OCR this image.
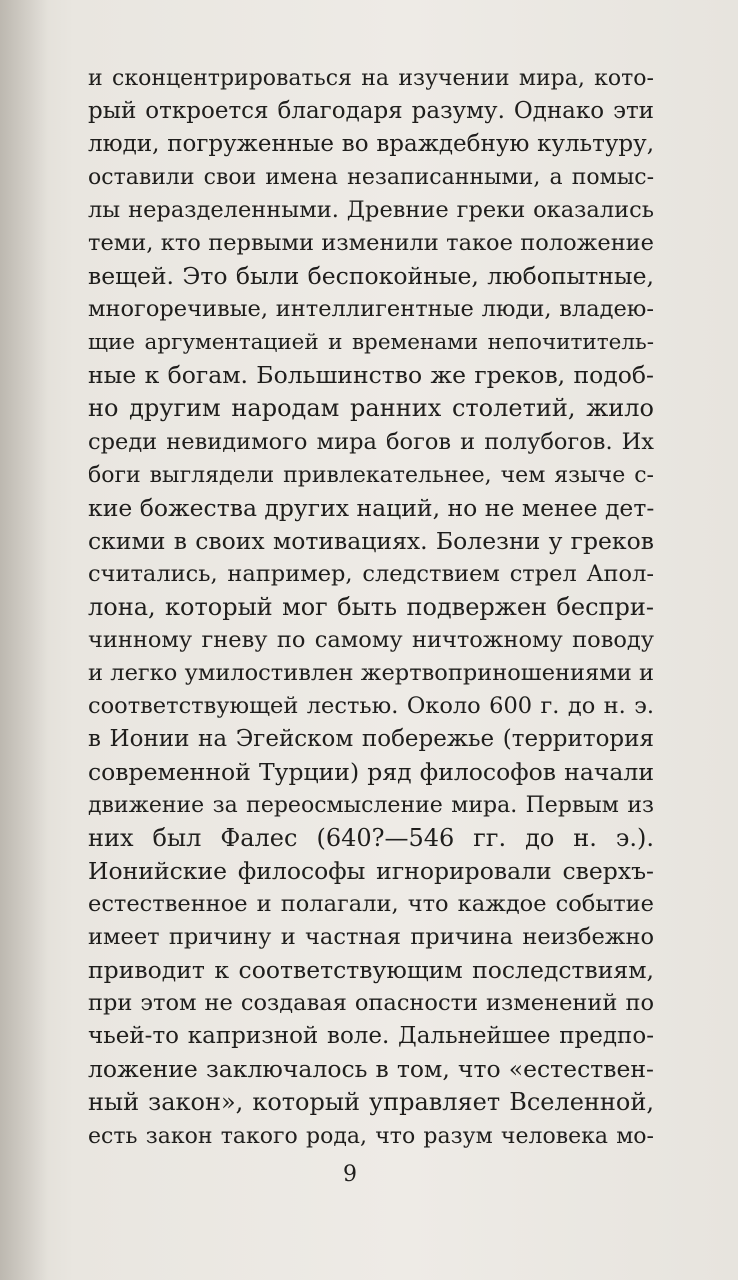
и сконцентрироваться на изучении мира, кото-
рый откроется благодаря разуму. Однако эти
люди, погруженные во враждебную культуру,
оставили свои имена незаписанными, а помыс-
лы неразделенными. Древние греки оказались
теми, кто первыми изменили такое положение
вещей. Это были беспокойные, любопытные,
многоречивые, интеллигентные люди, владею-
щие аргументацией и временами непочититель-
ные к богам. Большинство же греков, подоб-
но другим народам ранних столетий, жило
среди невидимого мира богов и полубогов. Их
боги выглядели привлекательнее, чем языче с-
кие божества других наций, но не менее дет-
скими в своих мотивациях. Болезни у греков
считались, например, следствием стрел Апол-
лона, который мог быть подвержен беспри-
чинному гневу по самому ничтожному поводу
и легко умилостивлен жертвоприношениями и
соответствующей лестью. Около 600 г. до н. э.
в Ионии на Эгейском побережье (территория
современной Турции) ряд философов начали
движение за переосмысление мира. Первым из
них был Фалес (640?—546 гг. до н. э.).
Ионийские философы игнорировали сверхъ-
естественное и полагали, что каждое событие
имеет причину и частная причина неизбежно
приводит к соответствующим последствиям,
при этом не создавая опасности изменений по
чьей-то капризной воле. Дальнейшее предпо-
ложение заключалось в том, что «естествен-
ный закон», который управляет Вселенной,
есть закон такого рода, что разум человека мо-
9
